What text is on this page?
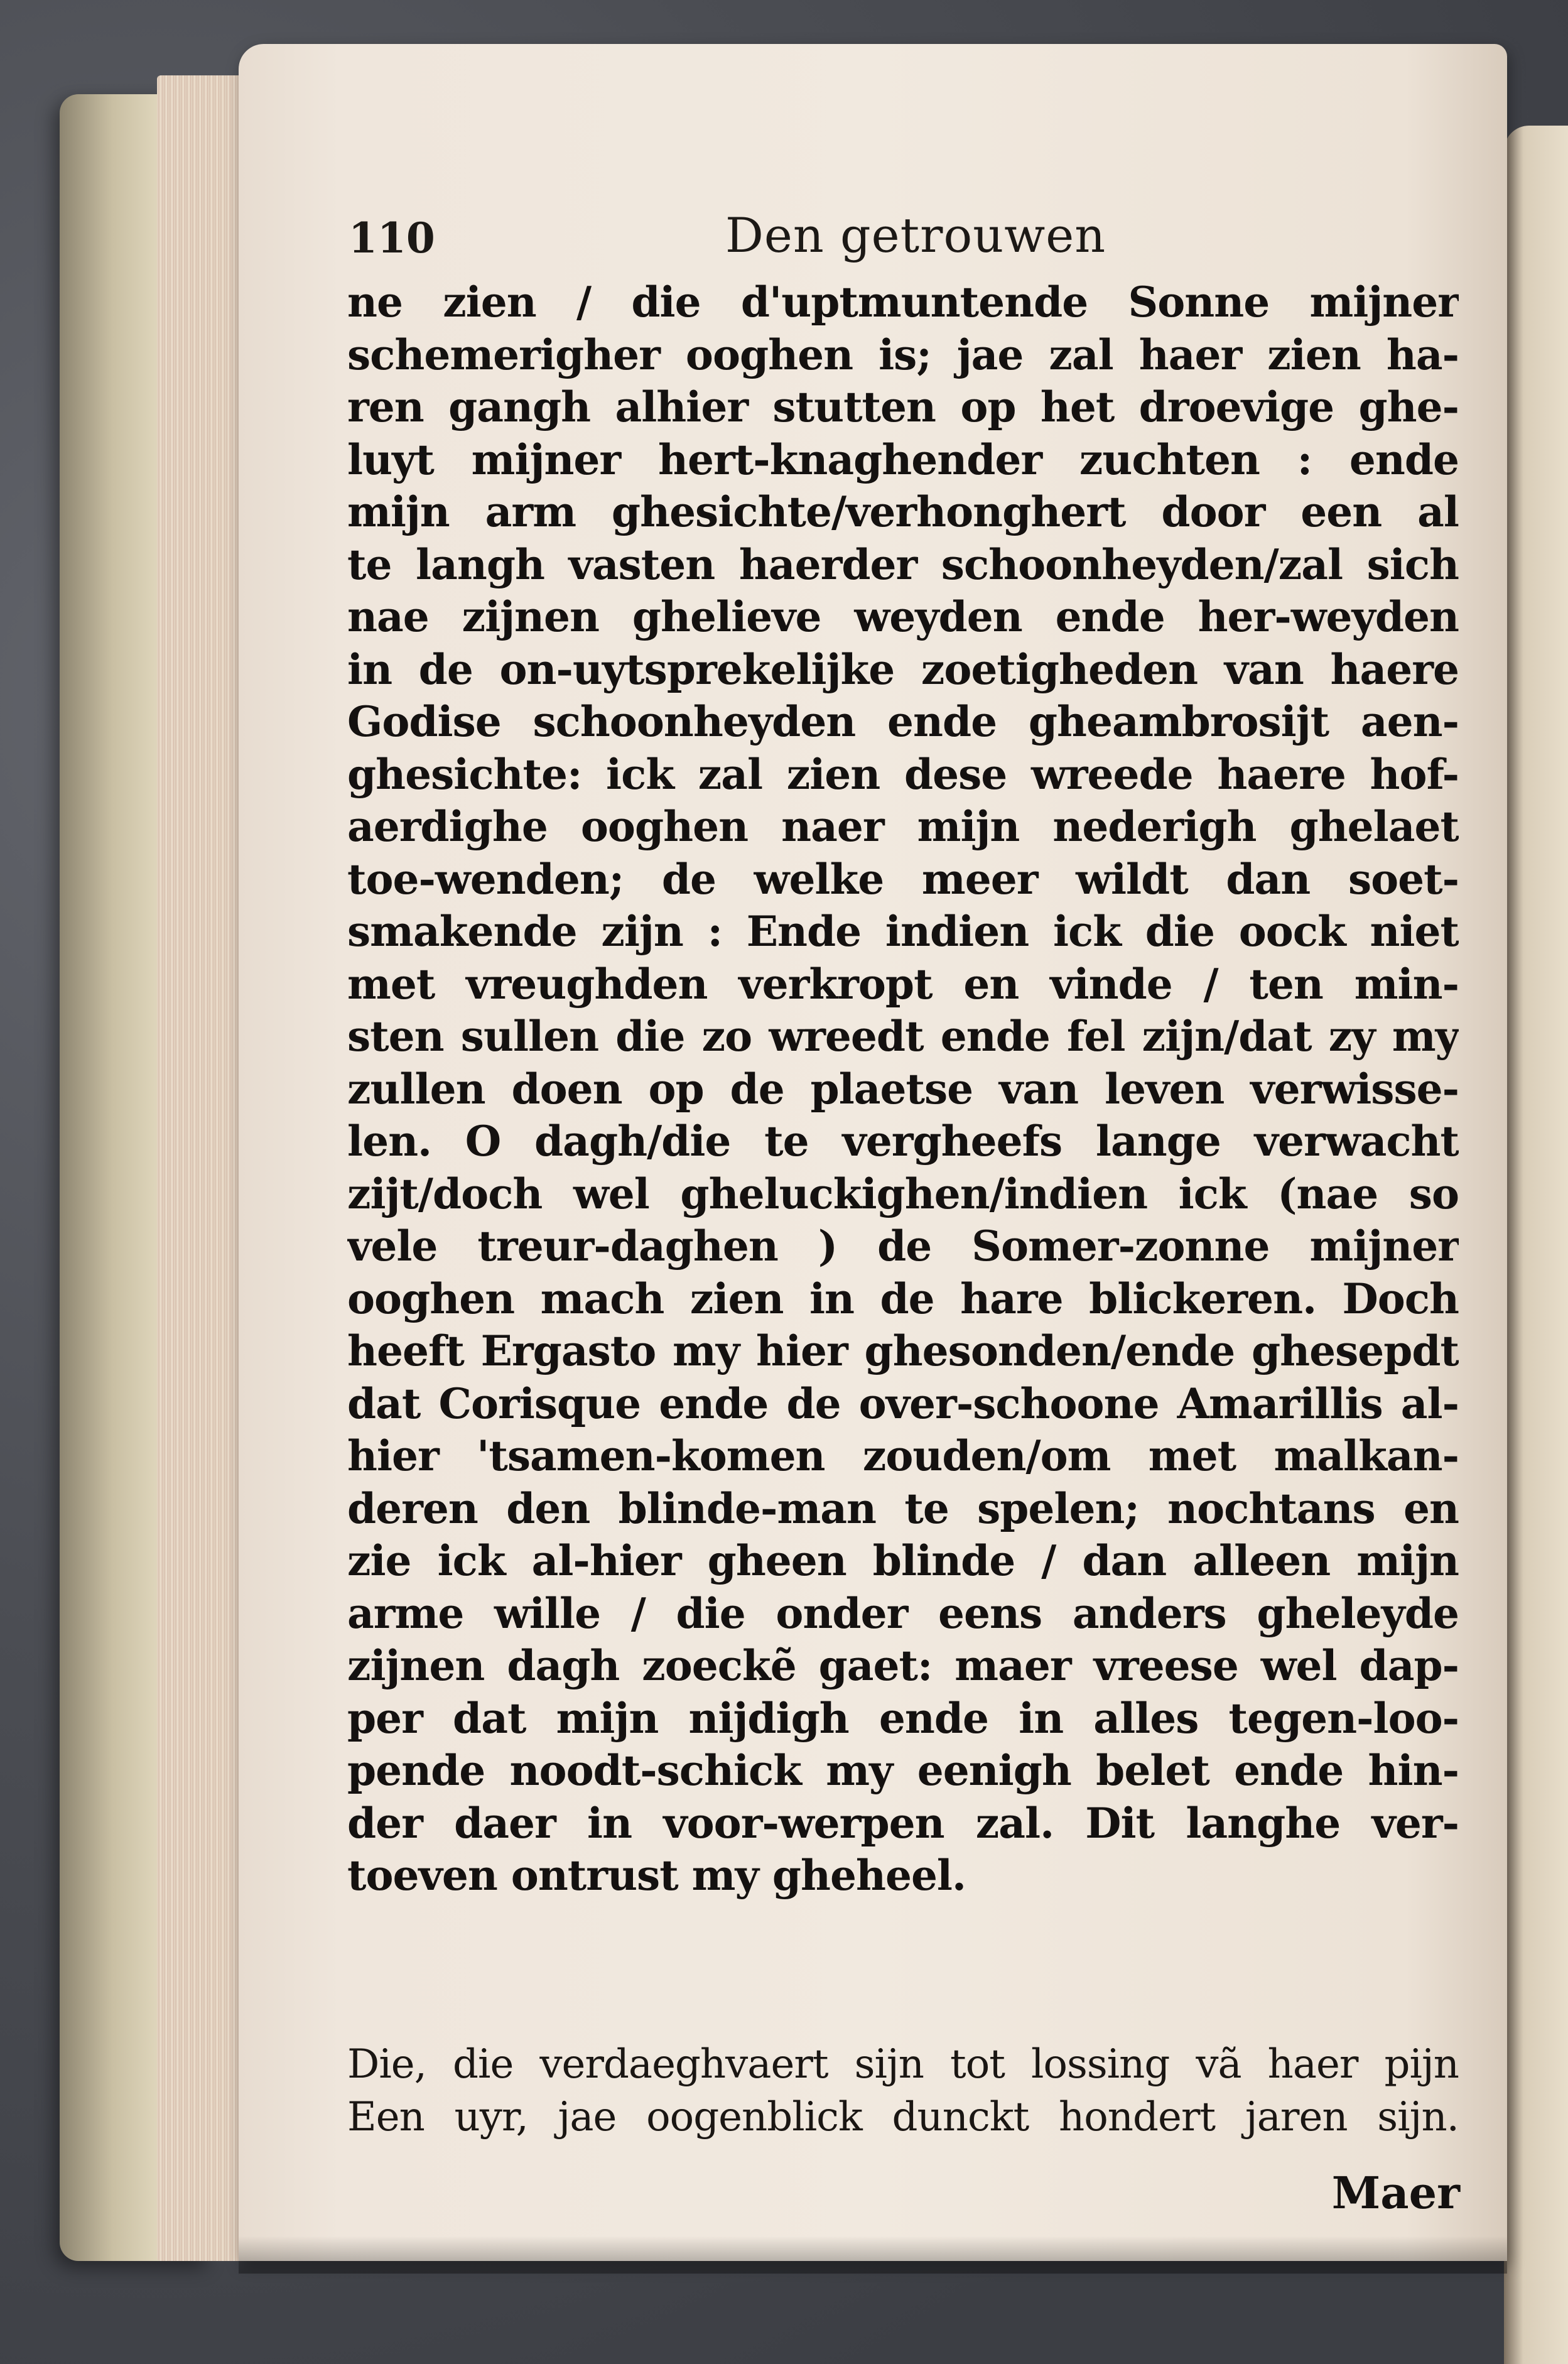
110	Den getrouwen
ne zien / die d'uptmuntende Sonne mijner
schemerigher ooghen is; jae zal haer zien ha-
ren gangh alhier stutten op het droevige ghe-
luyt mijner hert-knaghender zuchten : ende
mijn arm ghesichte/verhonghert door een al
te langh vasten haerder schoonheyden/zal sich
nae zijnen ghelieve weyden ende her-weyden
in de on-uytsprekelijke zoetigheden van haere
Godise schoonheyden ende gheambrosijt aen-
ghesichte: ick zal zien dese wreede haere hof-
aerdighe ooghen naer mijn nederigh ghelaet
toe-wenden; de welke meer wildt dan soet-
smakende zijn : Ende indien ick die oock niet
met vreughden verkropt en vinde / ten min-
sten sullen die zo wreedt ende fel zijn/dat zy my
zullen doen op de plaetse van leven verwisse-
len. O dagh/die te vergheefs lange verwacht
zijt/doch wel gheluckighen/indien ick (nae so
vele treur-daghen ) de Somer-zonne mijner
ooghen mach zien in de hare blickeren. Doch
heeft Ergasto my hier ghesonden/ende ghesepdt
dat Corisque ende de over-schoone Amarillis al-
hier 'tsamen-komen zouden/om met malkan-
deren den blinde-man te spelen; nochtans en
zie ick al-hier gheen blinde / dan alleen mijn
arme wille / die onder eens anders gheleyde
zijnen dagh zoeckẽ gaet: maer vreese wel dap-
per dat mijn nijdigh ende in alles tegen-loo-
pende noodt-schick my eenigh belet ende hin-
der daer in voor-werpen zal. Dit langhe ver-
toeven ontrust my gheheel.
Die, die verdaeghvaert sijn tot lossing vã haer pijn
Een uyr, jae oogenblick dunckt hondert jaren sijn.
Maer
